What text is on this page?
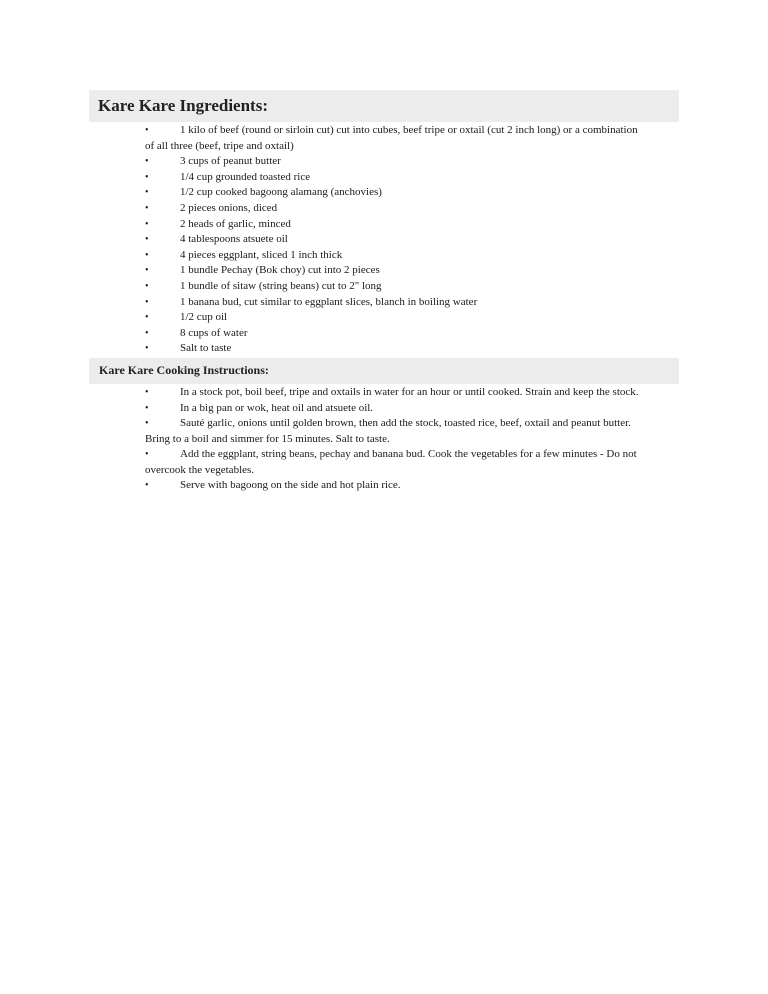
Kare Kare Ingredients:
•	1 kilo of beef (round or sirloin cut) cut into cubes, beef tripe or oxtail (cut 2 inch long) or a combination of all three (beef, tripe and oxtail)
•	3 cups of peanut butter
•	1/4 cup grounded toasted rice
•	1/2 cup cooked bagoong alamang (anchovies)
•	2 pieces onions, diced
•	2 heads of garlic, minced
•	4 tablespoons atsuete oil
•	4 pieces eggplant, sliced 1 inch thick
•	1 bundle Pechay (Bok choy) cut into 2 pieces
•	1 bundle of sitaw (string beans) cut to 2" long
•	1 banana bud, cut similar to eggplant slices, blanch in boiling water
•	1/2 cup oil
•	8 cups of water
•	Salt to taste
Kare Kare Cooking Instructions:
•	In a stock pot, boil beef, tripe and oxtails in water for an hour or until cooked. Strain and keep the stock.
•	In a big pan or wok, heat oil and atsuete oil.
•	Sauté garlic, onions until golden brown, then add the stock, toasted rice, beef, oxtail and peanut butter. Bring to a boil and simmer for 15 minutes. Salt to taste.
•	Add the eggplant, string beans, pechay and banana bud. Cook the vegetables for a few minutes - Do not overcook the vegetables.
•	Serve with bagoong on the side and hot plain rice.
